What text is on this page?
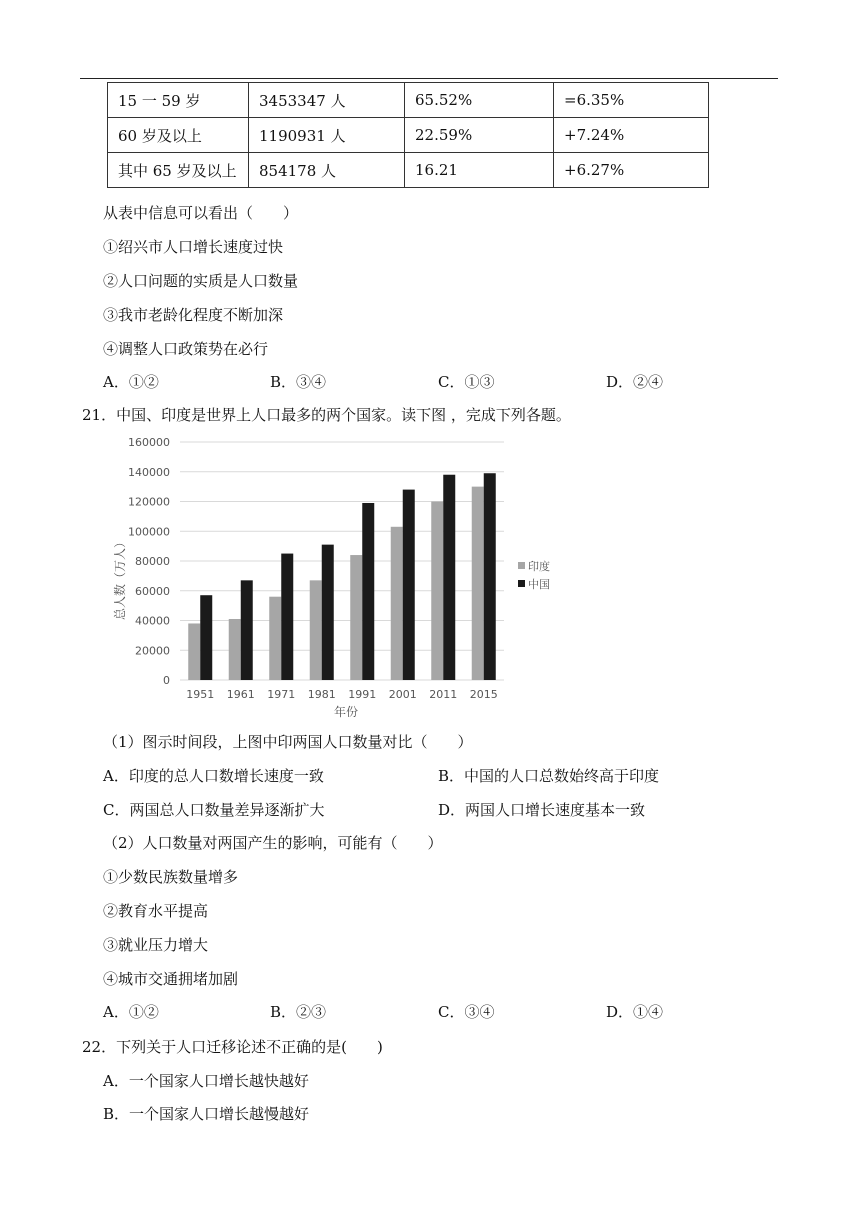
15 一 59 岁	3453347 人	65.52%	=6.35%
60 岁及以上	1190931 人	22.59%	+7.24%
其中 65 岁及以上	854178 人	16.21	+6.27%
从表中信息可以看出（　　）
①绍兴市人口增长速度过快
②人口问题的实质是人口数量
③我市老龄化程度不断加深
④调整人口政策势在必行
A．①②	B．③④	C．①③	D．②④
21．中国、印度是世界上人口最多的两个国家。读下图 ，完成下列各题。
0
20000
40000
60000
80000
100000
120000
140000
160000
1951 1961 1971 1981 1991 2001 2011 2015
总人数（万人）
年份
印度
中国
（1）图示时间段，上图中印两国人口数量对比（　　）
A．印度的总人口数增长速度一致	B．中国的人口总数始终高于印度
C．两国总人口数量差异逐渐扩大	D．两国人口增长速度基本一致
（2）人口数量对两国产生的影响，可能有（　　）
①少数民族数量增多
②教育水平提高
③就业压力增大
④城市交通拥堵加剧
A．①②	B．②③	C．③④	D．①④
22．下列关于人口迁移论述不正确的是(　　)
A．一个国家人口增长越快越好
B．一个国家人口增长越慢越好
